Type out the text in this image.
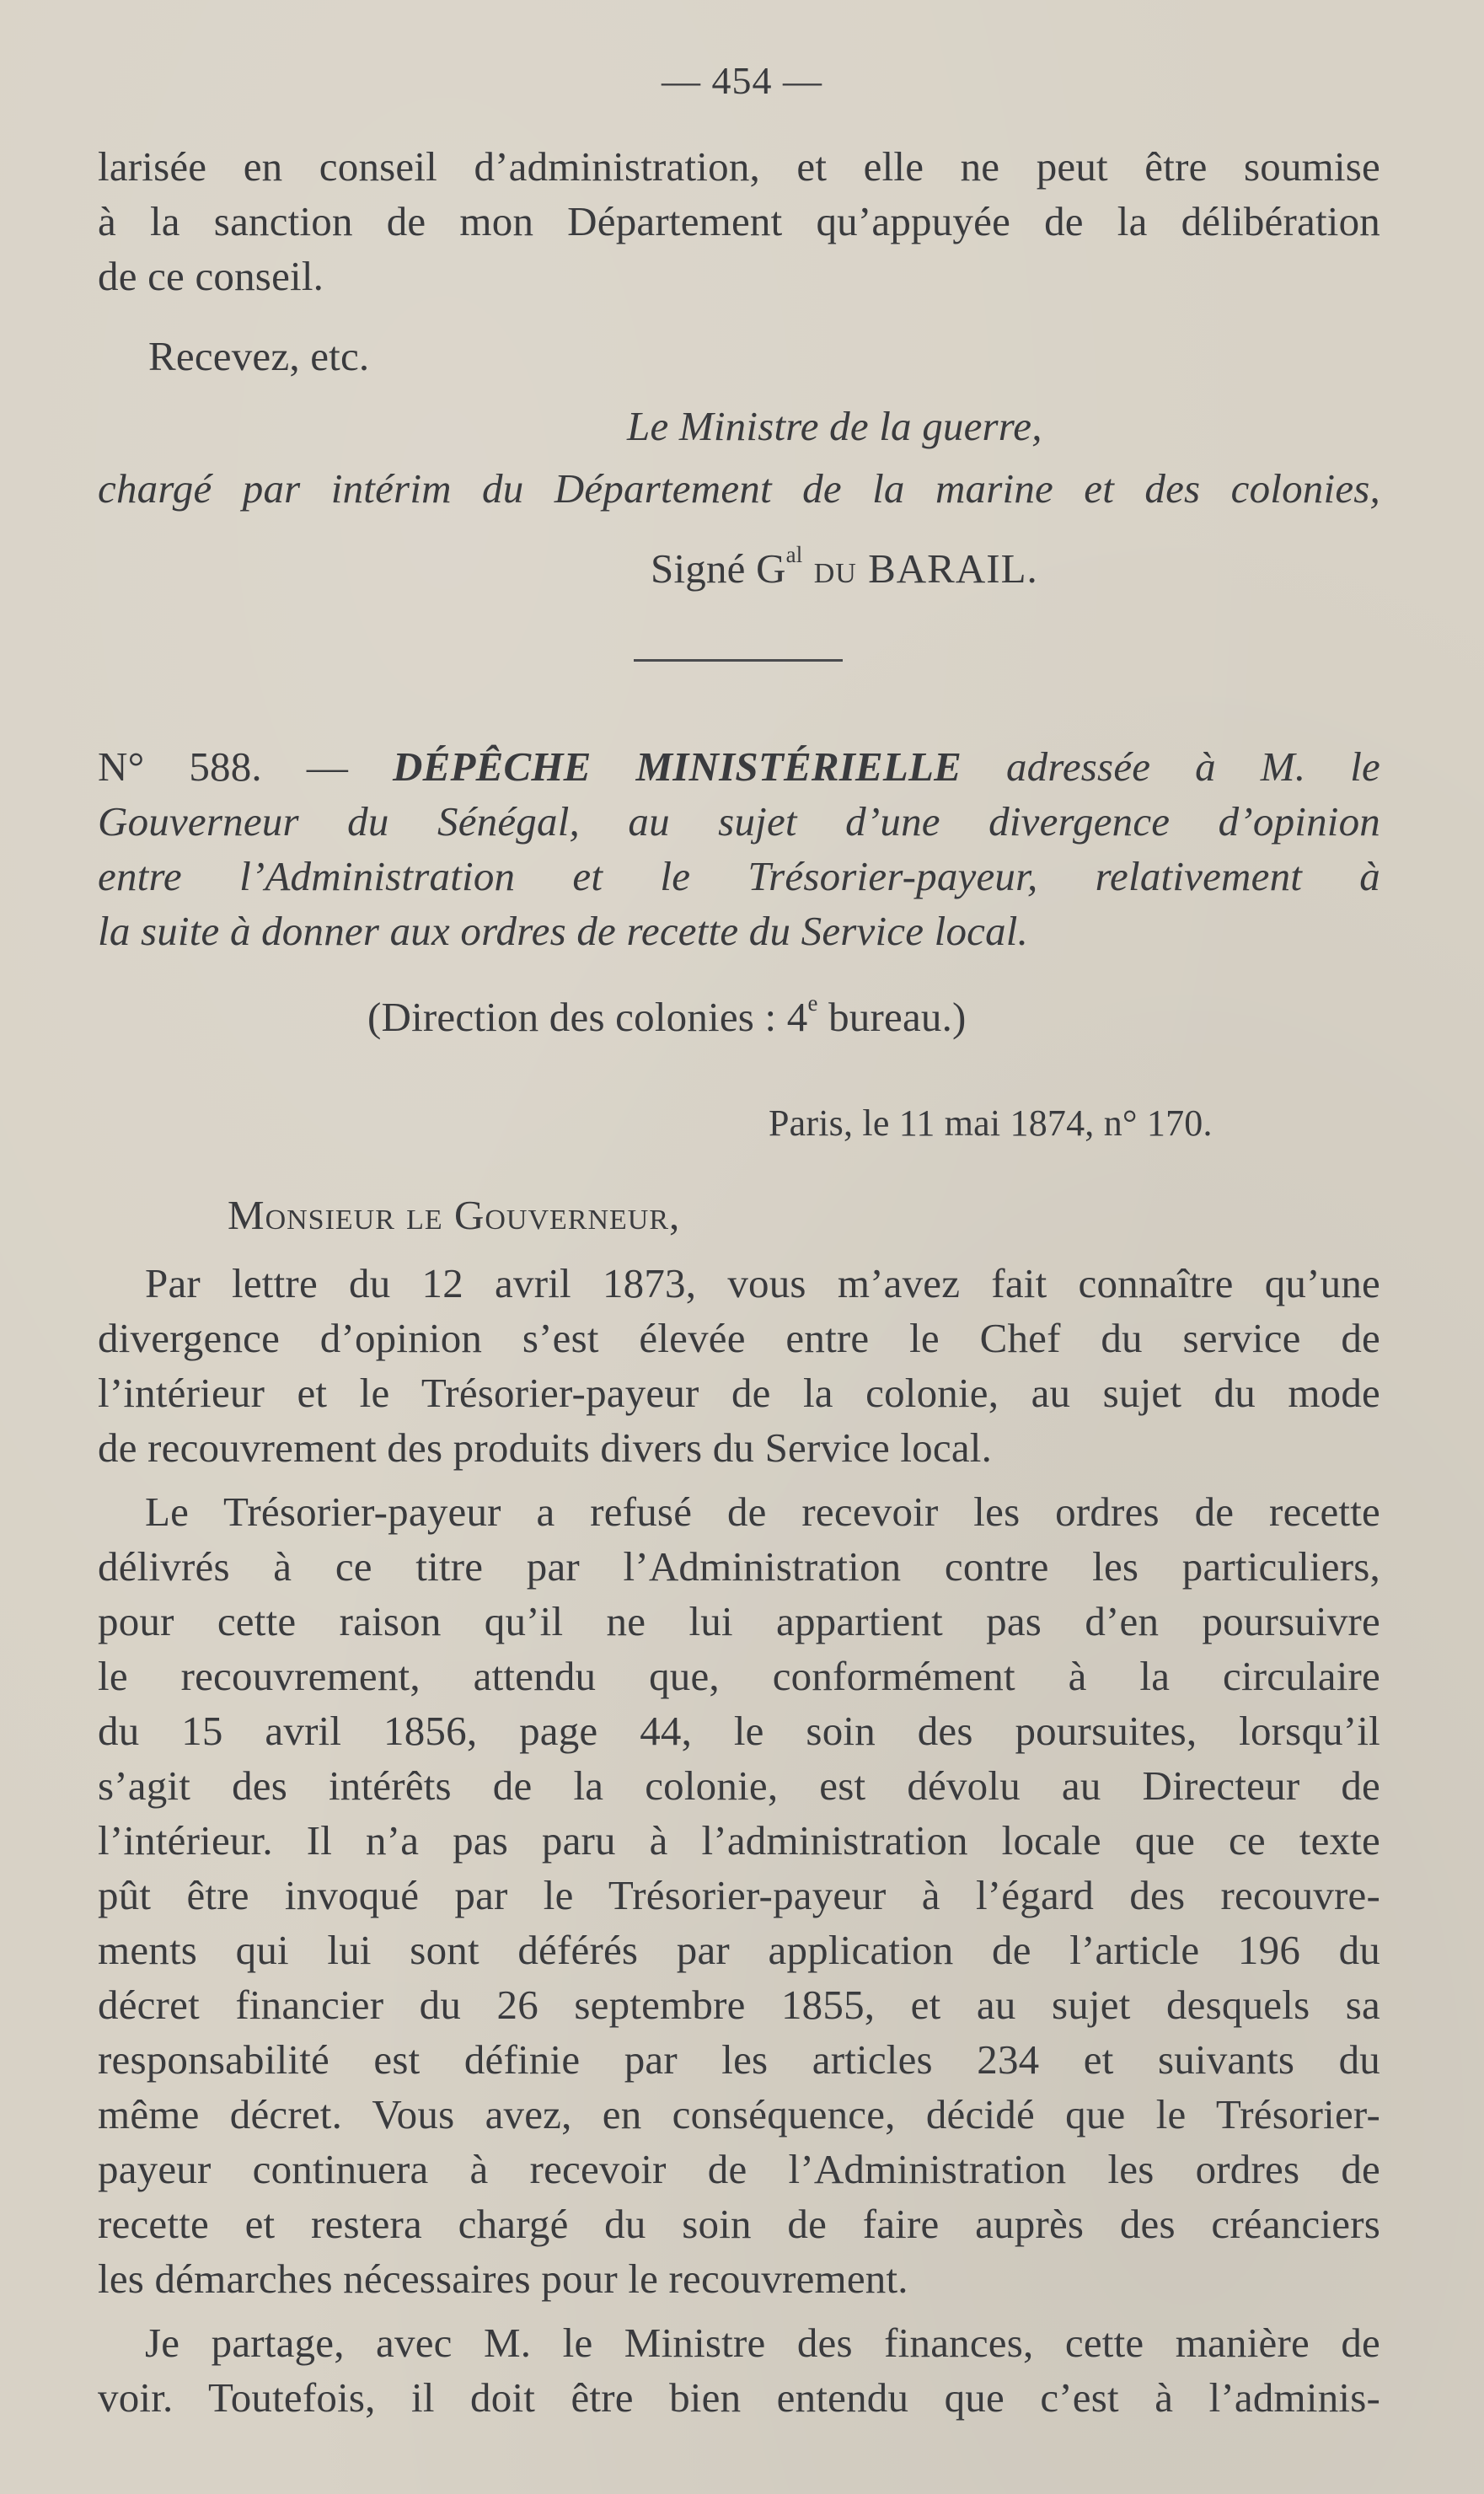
— 454 —
larisée en conseil d’administration, et elle ne peut être soumise
à la sanction de mon Département qu’appuyée de la délibération
de ce conseil.
Recevez, etc.
Le Ministre de la guerre,
chargé par intérim du Département de la marine et des colonies,
Signé $G^{al}$ du BARAIL.
N° 588. — DÉPÊCHE MINISTÉRIELLE adressée à M. le
Gouverneur du Sénégal, au sujet d’une divergence d’opinion
entre l’Administration et le Trésorier-payeur, relativement à
la suite à donner aux ordres de recette du Service local.
(Direction des colonies : 4e bureau.)
Paris, le 11 mai 1874, n° 170.
Monsieur le Gouverneur,
Par lettre du 12 avril 1873, vous m’avez fait connaître qu’une
divergence d’opinion s’est élevée entre le Chef du service de
l’intérieur et le Trésorier-payeur de la colonie, au sujet du mode
de recouvrement des produits divers du Service local.
Le Trésorier-payeur a refusé de recevoir les ordres de recette
délivrés à ce titre par l’Administration contre les particuliers,
pour cette raison qu’il ne lui appartient pas d’en poursuivre
le recouvrement, attendu que, conformément à la circulaire
du 15 avril 1856, page 44, le soin des poursuites, lorsqu’il
s’agit des intérêts de la colonie, est dévolu au Directeur de
l’intérieur. Il n’a pas paru à l’administration locale que ce texte
pût être invoqué par le Trésorier-payeur à l’égard des recouvre-
ments qui lui sont déférés par application de l’article 196 du
décret financier du 26 septembre 1855, et au sujet desquels sa
responsabilité est définie par les articles 234 et suivants du
même décret. Vous avez, en conséquence, décidé que le Trésorier-
payeur continuera à recevoir de l’Administration les ordres de
recette et restera chargé du soin de faire auprès des créanciers
les démarches nécessaires pour le recouvrement.
Je partage, avec M. le Ministre des finances, cette manière de
voir. Toutefois, il doit être bien entendu que c’est à l’adminis-
